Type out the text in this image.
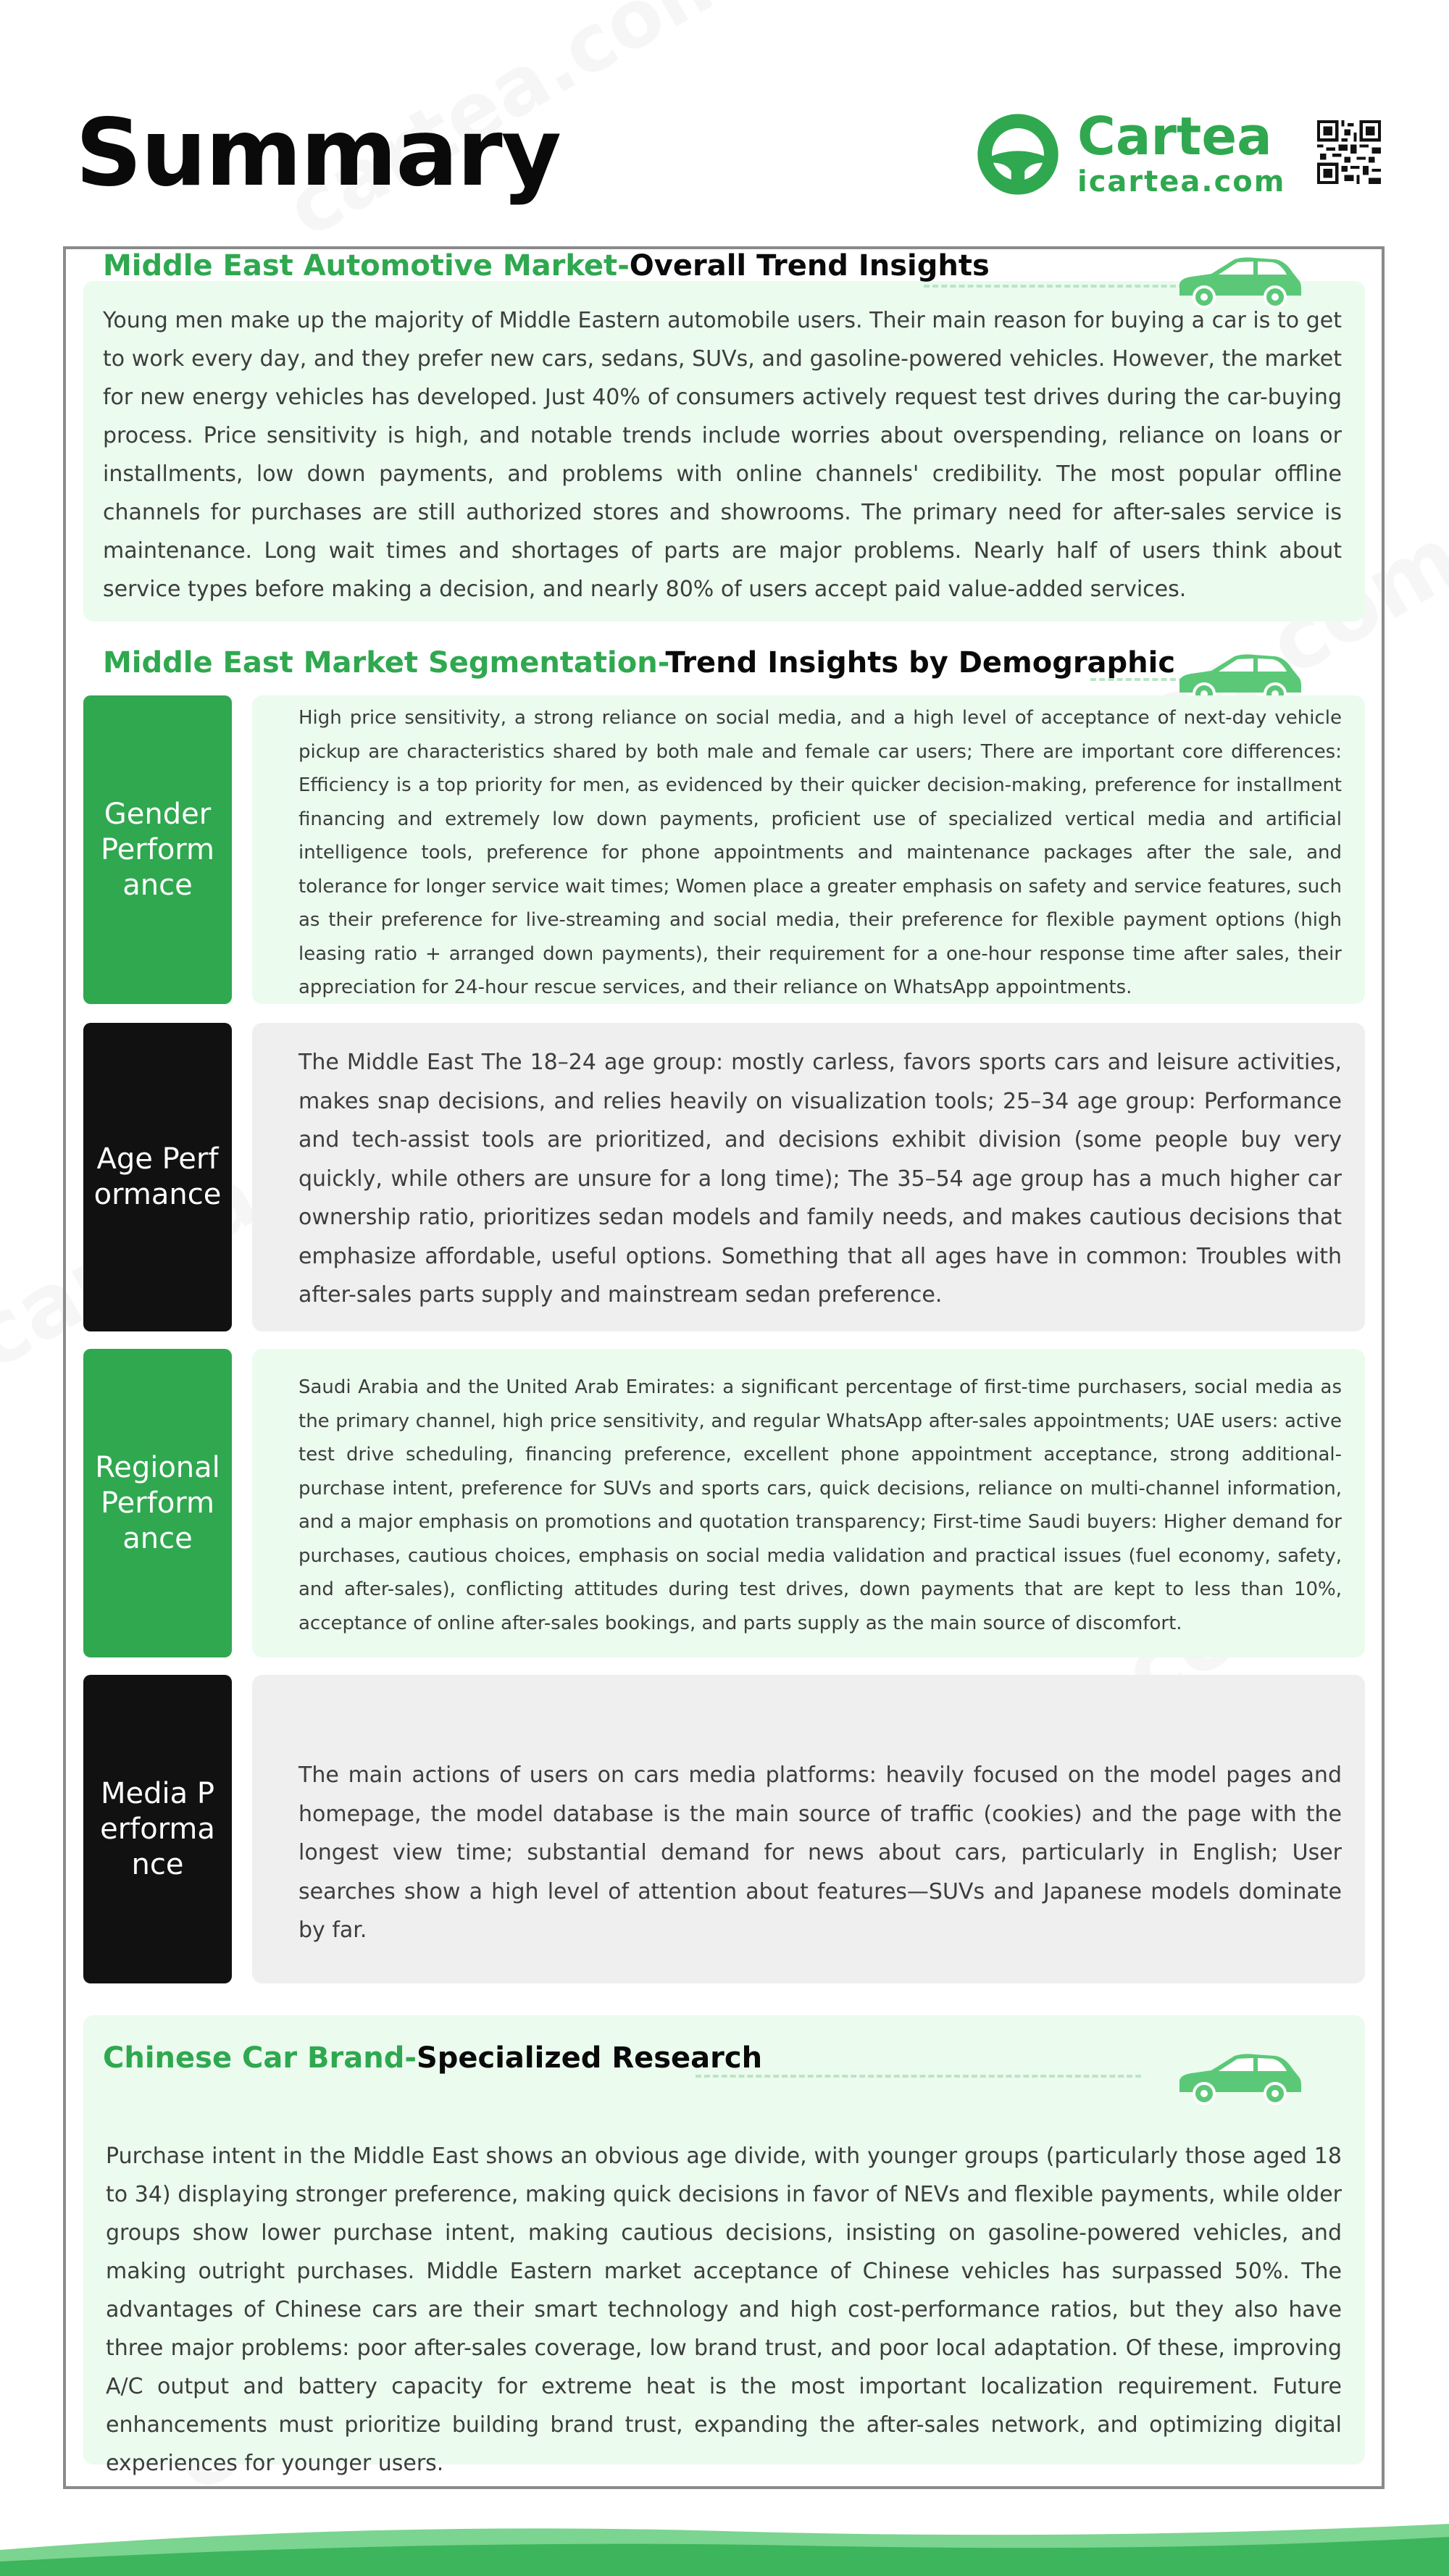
Summary	Cartea
icartea.com
Middle East Automotive Market-Overall Trend Insights

Young men make up the majority of Middle Eastern automobile users. Their main reason for buying a car is to get to work every day, and they prefer new cars, sedans, SUVs, and gasoline-powered vehicles. However, the market for new energy vehicles has developed. Just 40% of consumers actively request test drives during the car-buying process. Price sensitivity is high, and notable trends include worries about overspending, reliance on loans or installments, low down payments, and problems with online channels' credibility. The most popular offline channels for purchases are still authorized stores and showrooms. The primary need for after-sales service is maintenance. Long wait times and shortages of parts are major problems. Nearly half of users think about service types before making a decision, and nearly 80% of users accept paid value-added services.

Middle East Market Segmentation-Trend Insights by Demographic
Gender Performance

High price sensitivity, a strong reliance on social media, and a high level of acceptance of next-day vehicle pickup are characteristics shared by both male and female car users; There are important core differences: Efficiency is a top priority for men, as evidenced by their quicker decision-making, preference for installment financing and extremely low down payments, proficient use of specialized vertical media and artificial intelligence tools, preference for phone appointments and maintenance packages after the sale, and tolerance for longer service wait times; Women place a greater emphasis on safety and service features, such as their preference for live-streaming and social media, their preference for flexible payment options (high leasing ratio + arranged down payments), their requirement for a one-hour response time after sales, their appreciation for 24-hour rescue services, and their reliance on WhatsApp appointments.

Age Performance

The Middle East The 18–24 age group: mostly carless, favors sports cars and leisure activities, makes snap decisions, and relies heavily on visualization tools; 25–34 age group: Performance and tech-assist tools are prioritized, and decisions exhibit division (some people buy very quickly, while others are unsure for a long time); The 35–54 age group has a much higher car ownership ratio, prioritizes sedan models and family needs, and makes cautious decisions that emphasize affordable, useful options. Something that all ages have in common: Troubles with after-sales parts supply and mainstream sedan preference.

Regional Performance

Saudi Arabia and the United Arab Emirates: a significant percentage of first-time purchasers, social media as the primary channel, high price sensitivity, and regular WhatsApp after-sales appointments; UAE users: active test drive scheduling, financing preference, excellent phone appointment acceptance, strong additional-purchase intent, preference for SUVs and sports cars, quick decisions, reliance on multi-channel information, and a major emphasis on promotions and quotation transparency; First-time Saudi buyers: Higher demand for purchases, cautious choices, emphasis on social media validation and practical issues (fuel economy, safety, and after-sales), conflicting attitudes during test drives, down payments that are kept to less than 10%, acceptance of online after-sales bookings, and parts supply as the main source of discomfort.

Media Performance

The main actions of users on cars media platforms: heavily focused on the model pages and homepage, the model database is the main source of traffic (cookies) and the page with the longest view time; substantial demand for news about cars, particularly in English; User searches show a high level of attention about features—SUVs and Japanese models dominate by far.

Chinese Car Brand-Specialized Research

Purchase intent in the Middle East shows an obvious age divide, with younger groups (particularly those aged 18 to 34) displaying stronger preference, making quick decisions in favor of NEVs and flexible payments, while older groups show lower purchase intent, making cautious decisions, insisting on gasoline-powered vehicles, and making outright purchases. Middle Eastern market acceptance of Chinese vehicles has surpassed 50%. The advantages of Chinese cars are their smart technology and high cost-performance ratios, but they also have three major problems: poor after-sales coverage, low brand trust, and poor local adaptation. Of these, improving A/C output and battery capacity for extreme heat is the most important localization requirement. Future enhancements must prioritize building brand trust, expanding the after-sales network, and optimizing digital experiences for younger users.
